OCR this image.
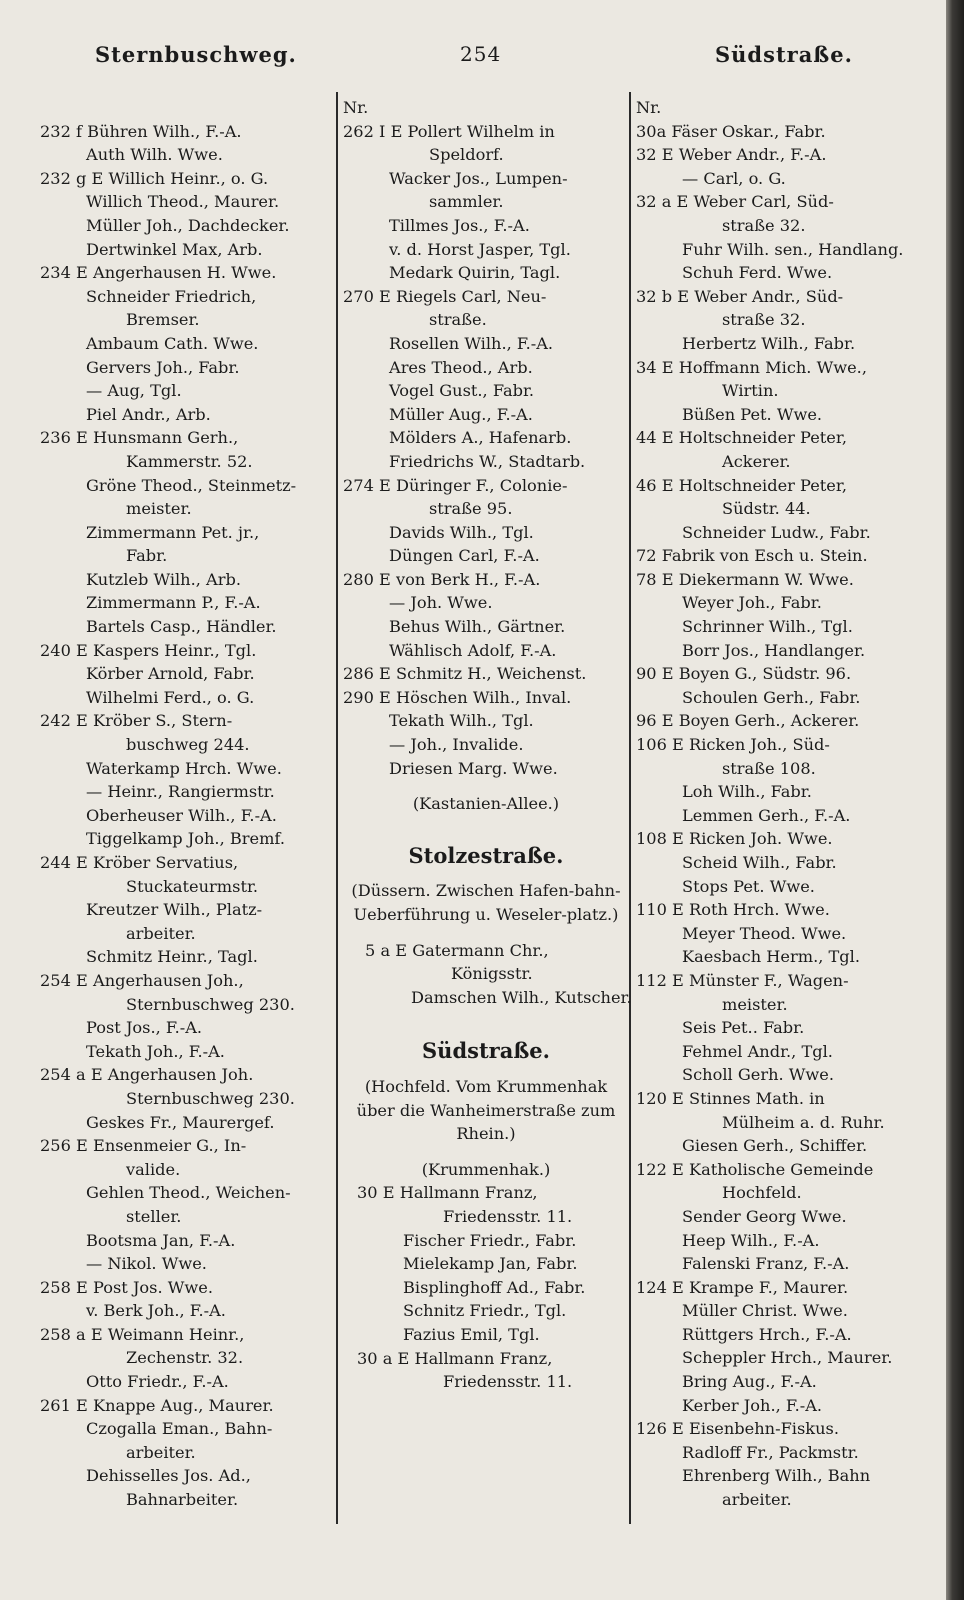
Sternbuschweg.	254	Südstraße.
232 f Bühren Wilh., F.-A.
Auth Wilh. Wwe.
232 g E Willich Heinr., o. G.
Willich Theod., Maurer.
Müller Joh., Dachdecker.
Dertwinkel Max, Arb.
234 E Angerhausen H. Wwe.
Schneider Friedrich,
Bremser.
Ambaum Cath. Wwe.
Gervers Joh., Fabr.
— Aug, Tgl.
Piel Andr., Arb.
236 E Hunsmann Gerh.,
Kammerstr. 52.
Gröne Theod., Steinmetz-
meister.
Zimmermann Pet. jr.,
Fabr.
Kutzleb Wilh., Arb.
Zimmermann P., F.-A.
Bartels Casp., Händler.
240 E Kaspers Heinr., Tgl.
Körber Arnold, Fabr.
Wilhelmi Ferd., o. G.
242 E Kröber S., Stern-
buschweg 244.
Waterkamp Hrch. Wwe.
— Heinr., Rangiermstr.
Oberheuser Wilh., F.-A.
Tiggelkamp Joh., Bremf.
244 E Kröber Servatius,
Stuckateurmstr.
Kreutzer Wilh., Platz-
arbeiter.
Schmitz Heinr., Tagl.
254 E Angerhausen Joh.,
Sternbuschweg 230.
Post Jos., F.-A.
Tekath Joh., F.-A.
254 a E Angerhausen Joh.
Sternbuschweg 230.
Geskes Fr., Maurergef.
256 E Ensenmeier G., In-
valide.
Gehlen Theod., Weichen-
steller.
Bootsma Jan, F.-A.
— Nikol. Wwe.
258 E Post Jos. Wwe.
v. Berk Joh., F.-A.
258 a E Weimann Heinr.,
Zechenstr. 32.
Otto Friedr., F.-A.
261 E Knappe Aug., Maurer.
Czogalla Eman., Bahn-
arbeiter.
Dehisselles Jos. Ad.,
Bahnarbeiter.
Nr.
262 I E Pollert Wilhelm in
Speldorf.
Wacker Jos., Lumpen-
sammler.
Tillmes Jos., F.-A.
v. d. Horst Jasper, Tgl.
Medark Quirin, Tagl.
270 E Riegels Carl, Neu-
straße.
Rosellen Wilh., F.-A.
Ares Theod., Arb.
Vogel Gust., Fabr.
Müller Aug., F.-A.
Mölders A., Hafenarb.
Friedrichs W., Stadtarb.
274 E Düringer F., Colonie-
straße 95.
Davids Wilh., Tgl.
Düngen Carl, F.-A.
280 E von Berk H., F.-A.
— Joh. Wwe.
Behus Wilh., Gärtner.
Wählisch Adolf, F.-A.
286 E Schmitz H., Weichenst.
290 E Höschen Wilh., Inval.
Tekath Wilh., Tgl.
— Joh., Invalide.
Driesen Marg. Wwe.
(Kastanien-Allee.)
Stolzestraße.
(Düssern. Zwischen Hafen-bahn-Ueberführung u. Weseler-platz.)
5 a E Gatermann Chr.,
Königsstr.
Damschen Wilh., Kutscher.
Südstraße.
(Hochfeld. Vom Krummenhak über die Wanheimerstraße zum Rhein.)
(Krummenhak.)
30 E Hallmann Franz,
Friedensstr. 11.
Fischer Friedr., Fabr.
Mielekamp Jan, Fabr.
Bisplinghoff Ad., Fabr.
Schnitz Friedr., Tgl.
Fazius Emil, Tgl.
30 a E Hallmann Franz,
Friedensstr. 11.
Nr.
30a Fäser Oskar., Fabr.
32 E Weber Andr., F.-A.
— Carl, o. G.
32 a E Weber Carl, Süd-
straße 32.
Fuhr Wilh. sen., Handlang.
Schuh Ferd. Wwe.
32 b E Weber Andr., Süd-
straße 32.
Herbertz Wilh., Fabr.
34 E Hoffmann Mich. Wwe.,
Wirtin.
Büßen Pet. Wwe.
44 E Holtschneider Peter,
Ackerer.
46 E Holtschneider Peter,
Südstr. 44.
Schneider Ludw., Fabr.
72 Fabrik von Esch u. Stein.
78 E Diekermann W. Wwe.
Weyer Joh., Fabr.
Schrinner Wilh., Tgl.
Borr Jos., Handlanger.
90 E Boyen G., Südstr. 96.
Schoulen Gerh., Fabr.
96 E Boyen Gerh., Ackerer.
106 E Ricken Joh., Süd-
straße 108.
Loh Wilh., Fabr.
Lemmen Gerh., F.-A.
108 E Ricken Joh. Wwe.
Scheid Wilh., Fabr.
Stops Pet. Wwe.
110 E Roth Hrch. Wwe.
Meyer Theod. Wwe.
Kaesbach Herm., Tgl.
112 E Münster F., Wagen-
meister.
Seis Pet.. Fabr.
Fehmel Andr., Tgl.
Scholl Gerh. Wwe.
120 E Stinnes Math. in
Mülheim a. d. Ruhr.
Giesen Gerh., Schiffer.
122 E Katholische Gemeinde
Hochfeld.
Sender Georg Wwe.
Heep Wilh., F.-A.
Falenski Franz, F.-A.
124 E Krampe F., Maurer.
Müller Christ. Wwe.
Rüttgers Hrch., F.-A.
Scheppler Hrch., Maurer.
Bring Aug., F.-A.
Kerber Joh., F.-A.
126 E Eisenbehn-Fiskus.
Radloff Fr., Packmstr.
Ehrenberg Wilh., Bahn
arbeiter.
